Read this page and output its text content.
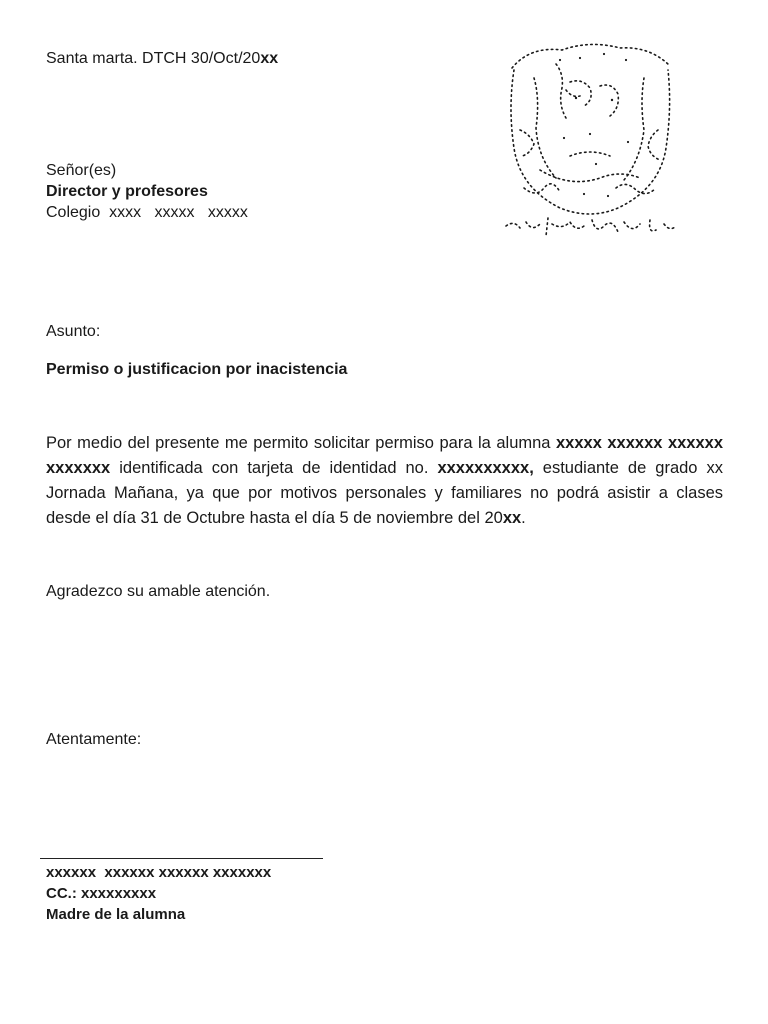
Santa marta. DTCH 30/Oct/20xx
Señor(es)
Director y profesores
Colegio  xxxx   xxxxx   xxxxx
Asunto:
Permiso o justificacion por inacistencia
Por medio del presente me permito solicitar permiso para la alumna xxxxx xxxxxx xxxxxx xxxxxxx identificada con tarjeta de identidad no. xxxxxxxxxx, estudiante de grado xx Jornada Mañana, ya que por motivos personales y familiares no podrá asistir a clases desde el día 31 de Octubre hasta el día 5 de noviembre del 20xx.
Agradezco su amable atención.
Atentamente:
xxxxxx  xxxxxx xxxxxx xxxxxxx
CC.: xxxxxxxxx
Madre de la alumna
